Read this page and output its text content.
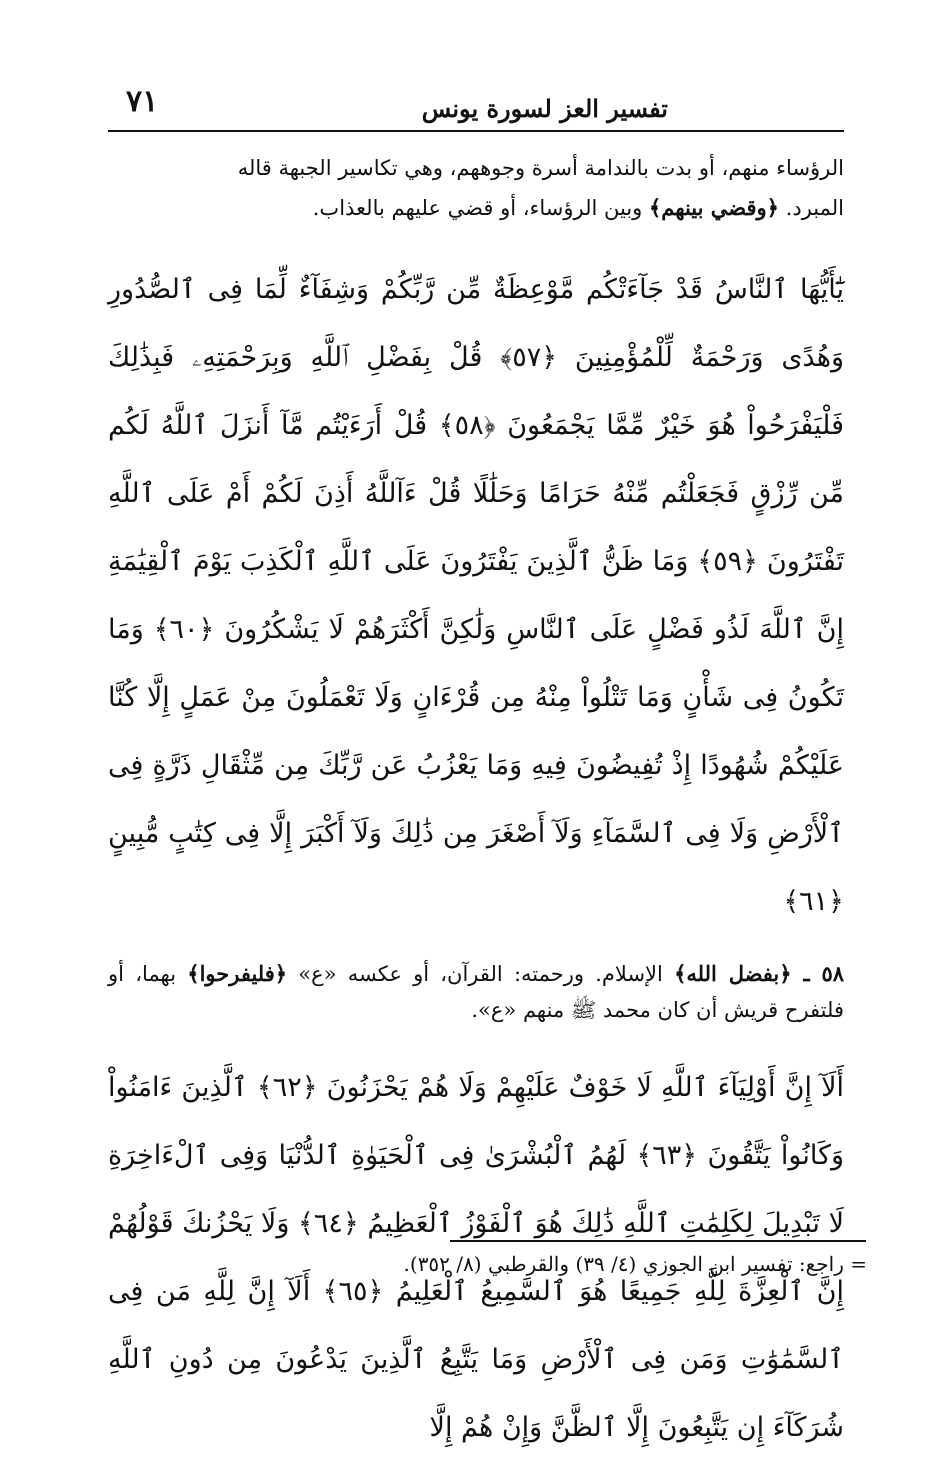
تفسير العز لسورة يونس
٧١

الرؤساء منهم، أو بدت بالندامة أسرة وجوههم، وهي تكاسير الجبهة قاله

المبرد. ﴿وقضي بينهم﴾ وبين الرؤساء، أو قضي عليهم بالعذاب.

يَٰٓأَيُّهَا ٱلنَّاسُ قَدْ جَآءَتْكُم مَّوْعِظَةٌ مِّن رَّبِّكُمْ وَشِفَآءٌ لِّمَا فِى ٱلصُّدُورِ وَهُدًى وَرَحْمَةٌ لِّلْمُؤْمِنِينَ ﴿٥٧﴾ قُلْ بِفَضْلِ ٱللَّهِ وَبِرَحْمَتِهِۦ فَبِذَٰلِكَ فَلْيَفْرَحُواْ هُوَ خَيْرٌ مِّمَّا يَجْمَعُونَ ﴿٥٨﴾ قُلْ أَرَءَيْتُم مَّآ أَنزَلَ ٱللَّهُ لَكُم مِّن رِّزْقٍ فَجَعَلْتُم مِّنْهُ حَرَامًا وَحَلَٰلًا قُلْ ءَآللَّهُ أَذِنَ لَكُمْ أَمْ عَلَى ٱللَّهِ تَفْتَرُونَ ﴿٥٩﴾ وَمَا ظَنُّ ٱلَّذِينَ يَفْتَرُونَ عَلَى ٱللَّهِ ٱلْكَذِبَ يَوْمَ ٱلْقِيَٰمَةِ إِنَّ ٱللَّهَ لَذُو فَضْلٍ عَلَى ٱلنَّاسِ وَلَٰكِنَّ أَكْثَرَهُمْ لَا يَشْكُرُونَ ﴿٦٠﴾ وَمَا تَكُونُ فِى شَأْنٍ وَمَا تَتْلُواْ مِنْهُ مِن قُرْءَانٍ وَلَا تَعْمَلُونَ مِنْ عَمَلٍ إِلَّا كُنَّا عَلَيْكُمْ شُهُودًا إِذْ تُفِيضُونَ فِيهِ وَمَا يَعْزُبُ عَن رَّبِّكَ مِن مِّثْقَالِ ذَرَّةٍ فِى ٱلْأَرْضِ وَلَا فِى ٱلسَّمَآءِ وَلَآ أَصْغَرَ مِن ذَٰلِكَ وَلَآ أَكْبَرَ إِلَّا فِى كِتَٰبٍ مُّبِينٍ ﴿٦١﴾

٥٨ ـ ﴿بفضل الله﴾ الإسلام. ورحمته: القرآن، أو عكسه «ع» ﴿فليفرحوا﴾ بهما، أو فلتفرح قريش أن كان محمد ﷺ منهم «ع».

أَلَآ إِنَّ أَوْلِيَآءَ ٱللَّهِ لَا خَوْفٌ عَلَيْهِمْ وَلَا هُمْ يَحْزَنُونَ ﴿٦٢﴾ ٱلَّذِينَ ءَامَنُواْ وَكَانُواْ يَتَّقُونَ ﴿٦٣﴾ لَهُمُ ٱلْبُشْرَىٰ فِى ٱلْحَيَوٰةِ ٱلدُّنْيَا وَفِى ٱلْءَاخِرَةِ لَا تَبْدِيلَ لِكَلِمَٰتِ ٱللَّهِ ذَٰلِكَ هُوَ ٱلْفَوْزُ ٱلْعَظِيمُ ﴿٦٤﴾ وَلَا يَحْزُنكَ قَوْلُهُمْ إِنَّ ٱلْعِزَّةَ لِلَّهِ جَمِيعًا هُوَ ٱلسَّمِيعُ ٱلْعَلِيمُ ﴿٦٥﴾ أَلَآ إِنَّ لِلَّهِ مَن فِى ٱلسَّمَٰوَٰتِ وَمَن فِى ٱلْأَرْضِ وَمَا يَتَّبِعُ ٱلَّذِينَ يَدْعُونَ مِن دُونِ ٱللَّهِ شُرَكَآءَ إِن يَتَّبِعُونَ إِلَّا ٱلظَّنَّ وَإِنْ هُمْ إِلَّا

= راجع: تفسير ابن الجوزي (٤/ ٣٩) والقرطبي (٨/ ٣٥٢).
